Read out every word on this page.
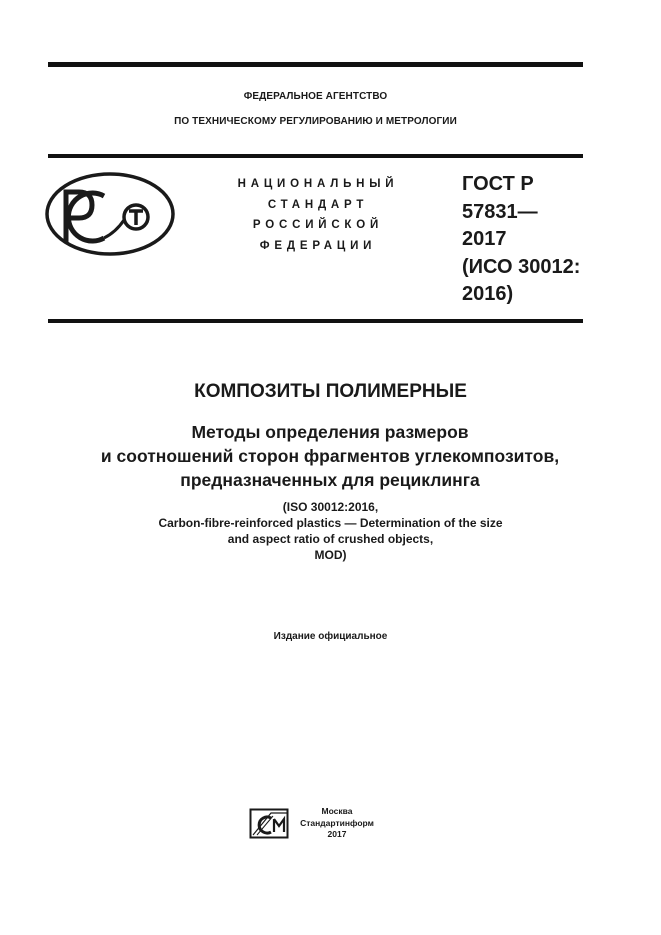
ФЕДЕРАЛЬНОЕ АГЕНТСТВО
ПО ТЕХНИЧЕСКОМУ РЕГУЛИРОВАНИЮ И МЕТРОЛОГИИ
НАЦИОНАЛЬНЫЙ
СТАНДАРТ
РОССИЙСКОЙ
ФЕДЕРАЦИИ
ГОСТ Р
57831—
2017
(ИСО 30012:
2016)
КОМПОЗИТЫ ПОЛИМЕРНЫЕ
Методы определения размеров
и соотношений сторон фрагментов углекомпозитов,
предназначенных для рециклинга
(ISO 30012:2016,
Carbon-fibre-reinforced plastics — Determination of the size
and aspect ratio of crushed objects,
MOD)
Издание официальное
Москва
Стандартинформ
2017
